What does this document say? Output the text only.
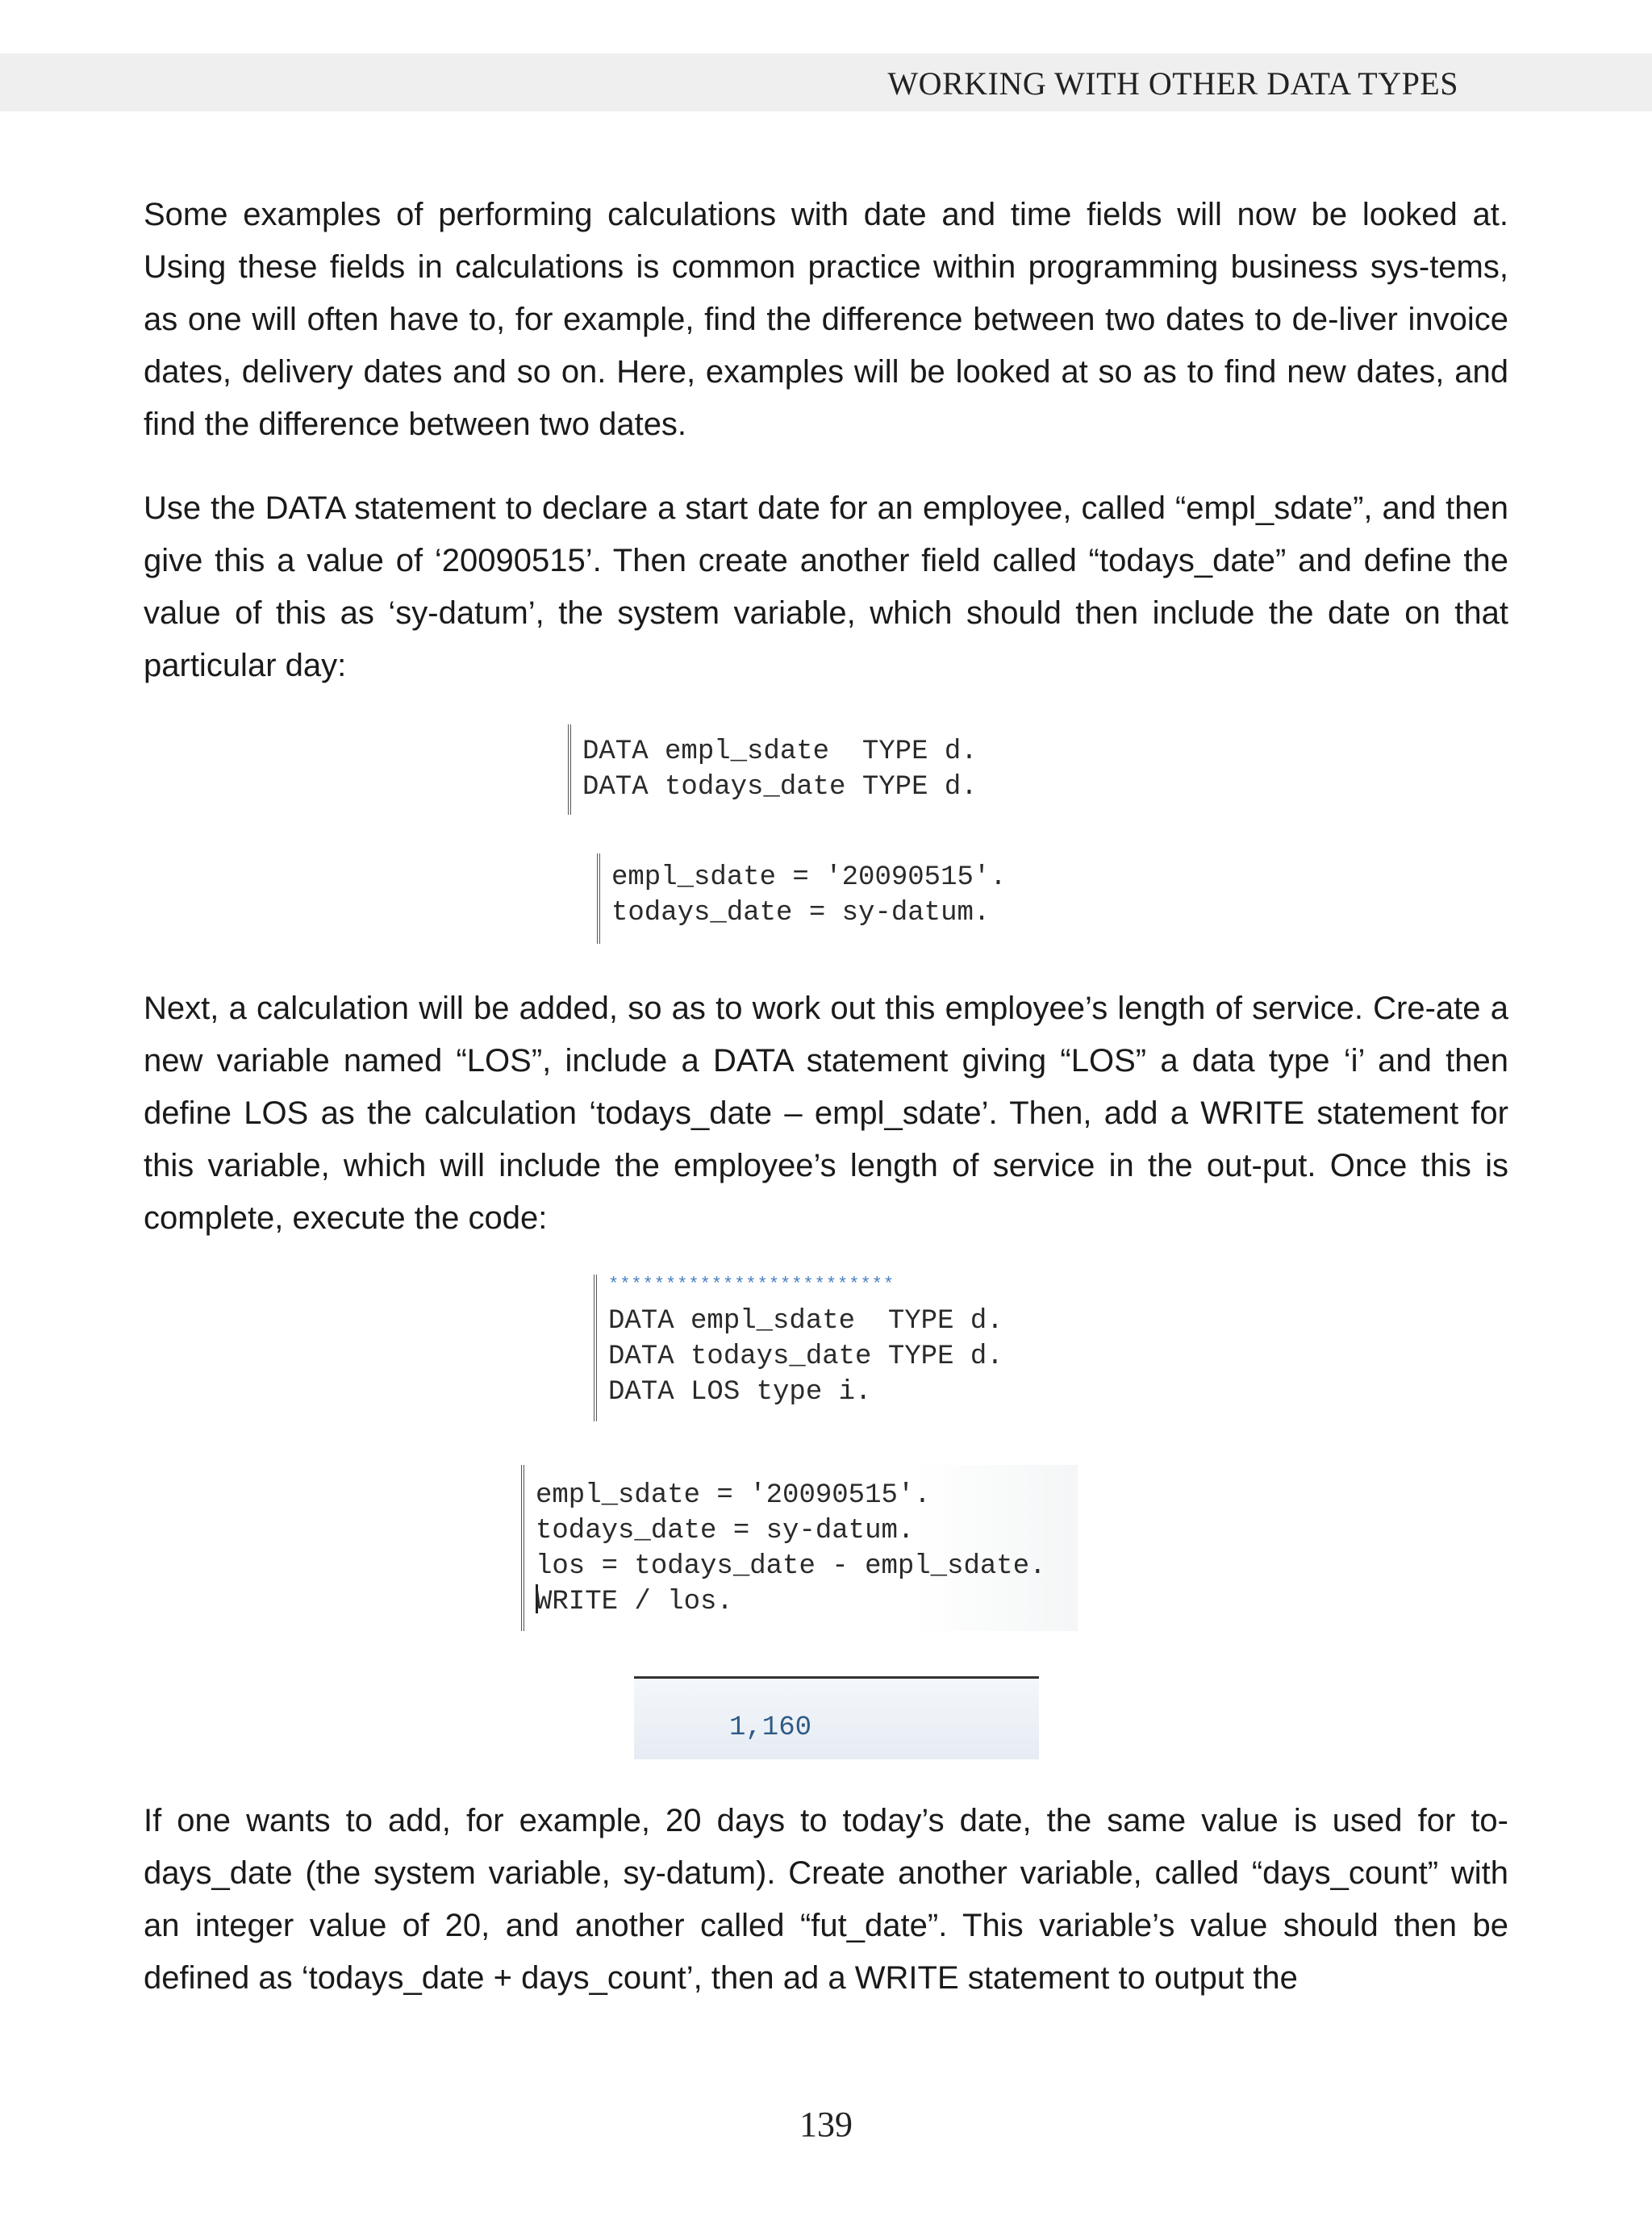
WORKING WITH OTHER DATA TYPES

Some examples of performing calculations with date and time fields will now be looked at. Using these fields in calculations is common practice within programming business sys-tems, as one will often have to, for example, find the difference between two dates to de-liver invoice dates, delivery dates and so on. Here, examples will be looked at so as to find new dates, and find the difference between two dates.

Use the DATA statement to declare a start date for an employee, called “empl_sdate”, and then give this a value of ‘20090515’. Then create another field called “todays_date” and define the value of this as ‘sy-datum’, the system variable, which should then include the date on that particular day:

DATA empl_sdate  TYPE d.
DATA todays_date TYPE d.
empl_sdate = '20090515'.
todays_date = sy-datum.

Next, a calculation will be added, so as to work out this employee’s length of service. Cre-ate a new variable named “LOS”, include a DATA statement giving “LOS” a data type ‘i’ and then define LOS as the calculation ‘todays_date – empl_sdate’. Then, add a WRITE statement for this variable, which will include the employee’s length of service in the out-put. Once this is complete, execute the code:

*************************
DATA empl_sdate  TYPE d.
DATA todays_date TYPE d.
DATA LOS type i.
empl_sdate = '20090515'.
todays_date = sy-datum.
los = todays_date - empl_sdate.
WRITE / los.
1,160

If one wants to add, for example, 20 days to today’s date, the same value is used for to-days_date (the system variable, sy-datum). Create another variable, called “days_count” with an integer value of 20, and another called “fut_date”. This variable’s value should then be defined as ‘todays_date + days_count’, then ad a WRITE statement to output the

139
